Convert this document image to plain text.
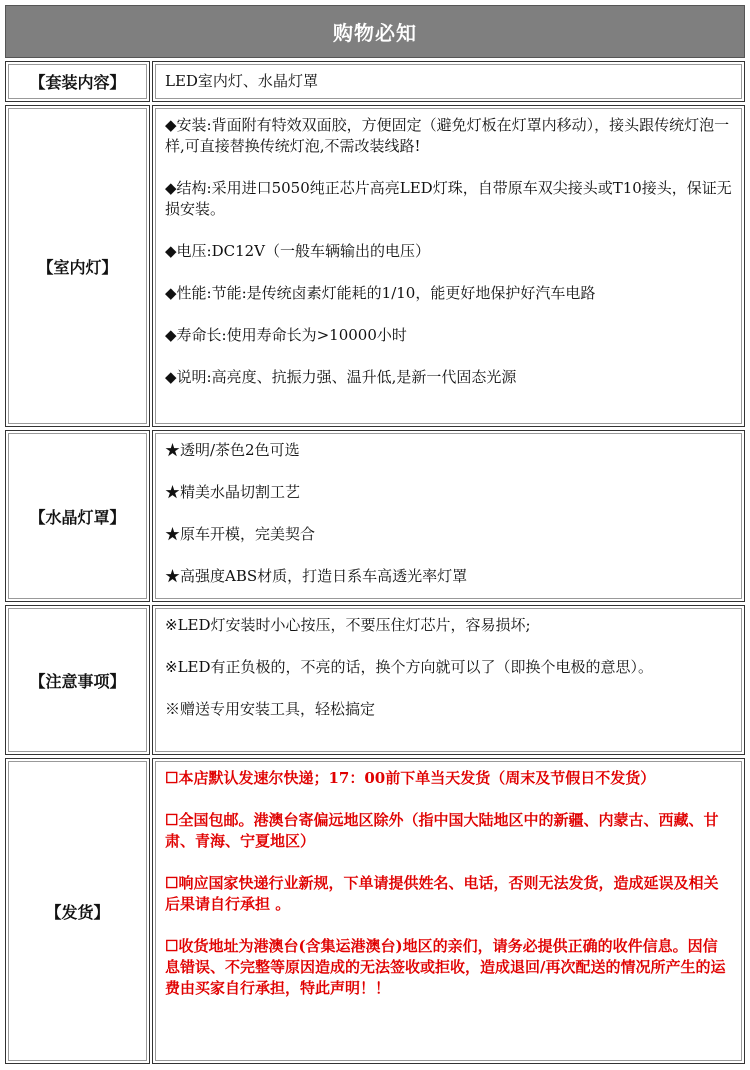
购物必知
【套装内容】	LED室内灯、水晶灯罩

【室内灯】

◆安装:背面附有特效双面胶，方便固定（避免灯板在灯罩内移动），接头跟传统灯泡一样,可直接替换传统灯泡,不需改装线路!

◆结构:采用进口5050纯正芯片高亮LED灯珠，自带原车双尖接头或T10接头，保证无损安装。

◆电压:DC12V（一般车辆输出的电压）

◆性能:节能:是传统卤素灯能耗的1/10，能更好地保护好汽车电路

◆寿命长:使用寿命长为>10000小时

◆说明:高亮度、抗振力强、温升低,是新一代固态光源

【水晶灯罩】

★透明/茶色2色可选

★精美水晶切割工艺

★原车开模，完美契合

★高强度ABS材质，打造日系车高透光率灯罩

【注意事项】

※LED灯安装时小心按压，不要压住灯芯片，容易损坏;

※LED有正负极的，不亮的话，换个方向就可以了（即换个电极的意思）。

※赠送专用安装工具，轻松搞定

【发货】

☐本店默认发速尔快递；17：00前下单当天发货（周末及节假日不发货）

☐全国包邮。港澳台寄偏远地区除外（指中国大陆地区中的新疆、内蒙古、西藏、甘肃、青海、宁夏地区）

☐响应国家快递行业新规，下单请提供姓名、电话，否则无法发货，造成延误及相关后果请自行承担 。

☐收货地址为港澳台(含集运港澳台)地区的亲们，请务必提供正确的收件信息。因信息错误、不完整等原因造成的无法签收或拒收，造成退回/再次配送的情况所产生的运费由买家自行承担，特此声明！！
